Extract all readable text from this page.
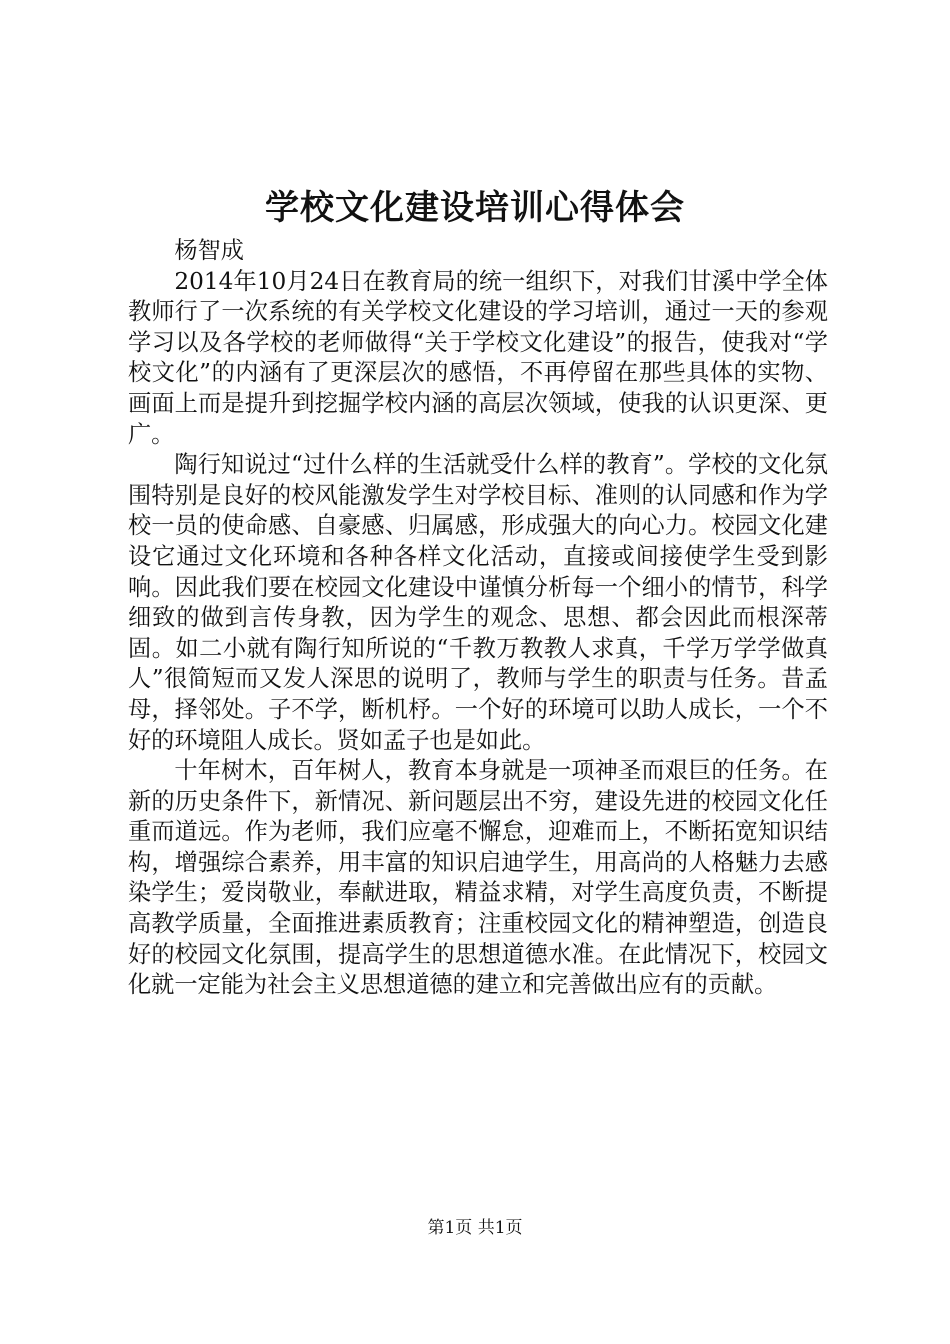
学校文化建设培训心得体会

杨智成

2014年10月24日在教育局的统一组织下，对我们甘溪中学全体教师行了一次系统的有关学校文化建设的学习培训，通过一天的参观学习以及各学校的老师做得“关于学校文化建设”的报告，使我对“学校文化”的内涵有了更深层次的感悟，不再停留在那些具体的实物、画面上而是提升到挖掘学校内涵的高层次领域，使我的认识更深、更广。

陶行知说过“过什么样的生活就受什么样的教育”。学校的文化氛围特别是良好的校风能激发学生对学校目标、准则的认同感和作为学校一员的使命感、自豪感、归属感，形成强大的向心力。校园文化建设它通过文化环境和各种各样文化活动，直接或间接使学生受到影响。因此我们要在校园文化建设中谨慎分析每一个细小的情节，科学细致的做到言传身教，因为学生的观念、思想、都会因此而根深蒂固。如二小就有陶行知所说的“千教万教教人求真，千学万学学做真人”很简短而又发人深思的说明了，教师与学生的职责与任务。昔孟母，择邻处。子不学，断机杼。一个好的环境可以助人成长，一个不好的环境阻人成长。贤如孟子也是如此。

十年树木，百年树人，教育本身就是一项神圣而艰巨的任务。在新的历史条件下，新情况、新问题层出不穷，建设先进的校园文化任重而道远。作为老师，我们应毫不懈怠，迎难而上，不断拓宽知识结构，增强综合素养，用丰富的知识启迪学生，用高尚的人格魅力去感染学生；爱岗敬业，奉献进取，精益求精，对学生高度负责，不断提高教学质量，全面推进素质教育；注重校园文化的精神塑造，创造良好的校园文化氛围，提高学生的思想道德水准。在此情况下，校园文化就一定能为社会主义思想道德的建立和完善做出应有的贡献。

第1页 共1页
